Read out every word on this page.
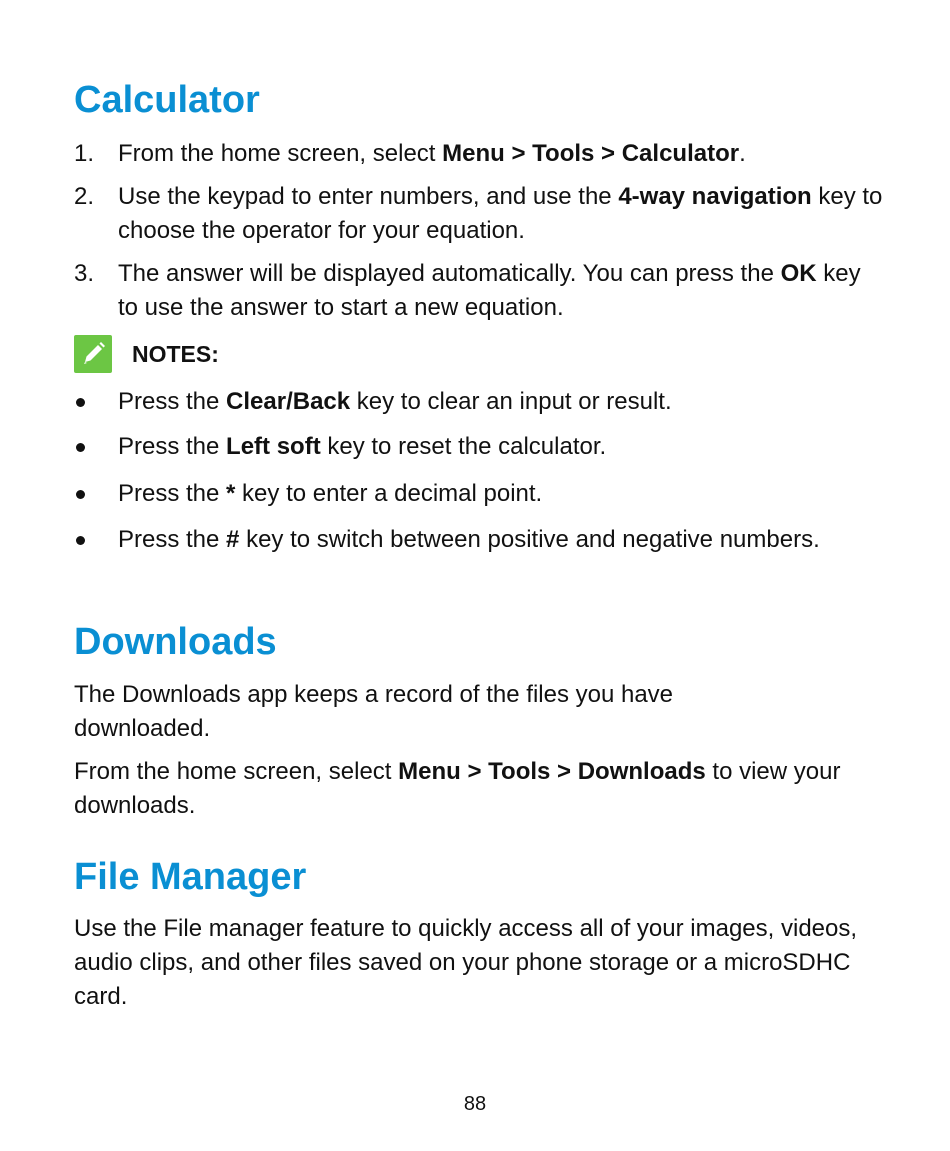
Calculator
1. From the home screen, select Menu > Tools > Calculator.
2. Use the keypad to enter numbers, and use the 4-way navigation key to choose the operator for your equation.
3. The answer will be displayed automatically. You can press the OK key to use the answer to start a new equation.
NOTES:
Press the Clear/Back key to clear an input or result.
Press the Left soft key to reset the calculator.
Press the * key to enter a decimal point.
Press the # key to switch between positive and negative numbers.
Downloads
The Downloads app keeps a record of the files you have downloaded.
From the home screen, select Menu > Tools > Downloads to view your downloads.
File Manager
Use the File manager feature to quickly access all of your images, videos, audio clips, and other files saved on your phone storage or a microSDHC card.
88
